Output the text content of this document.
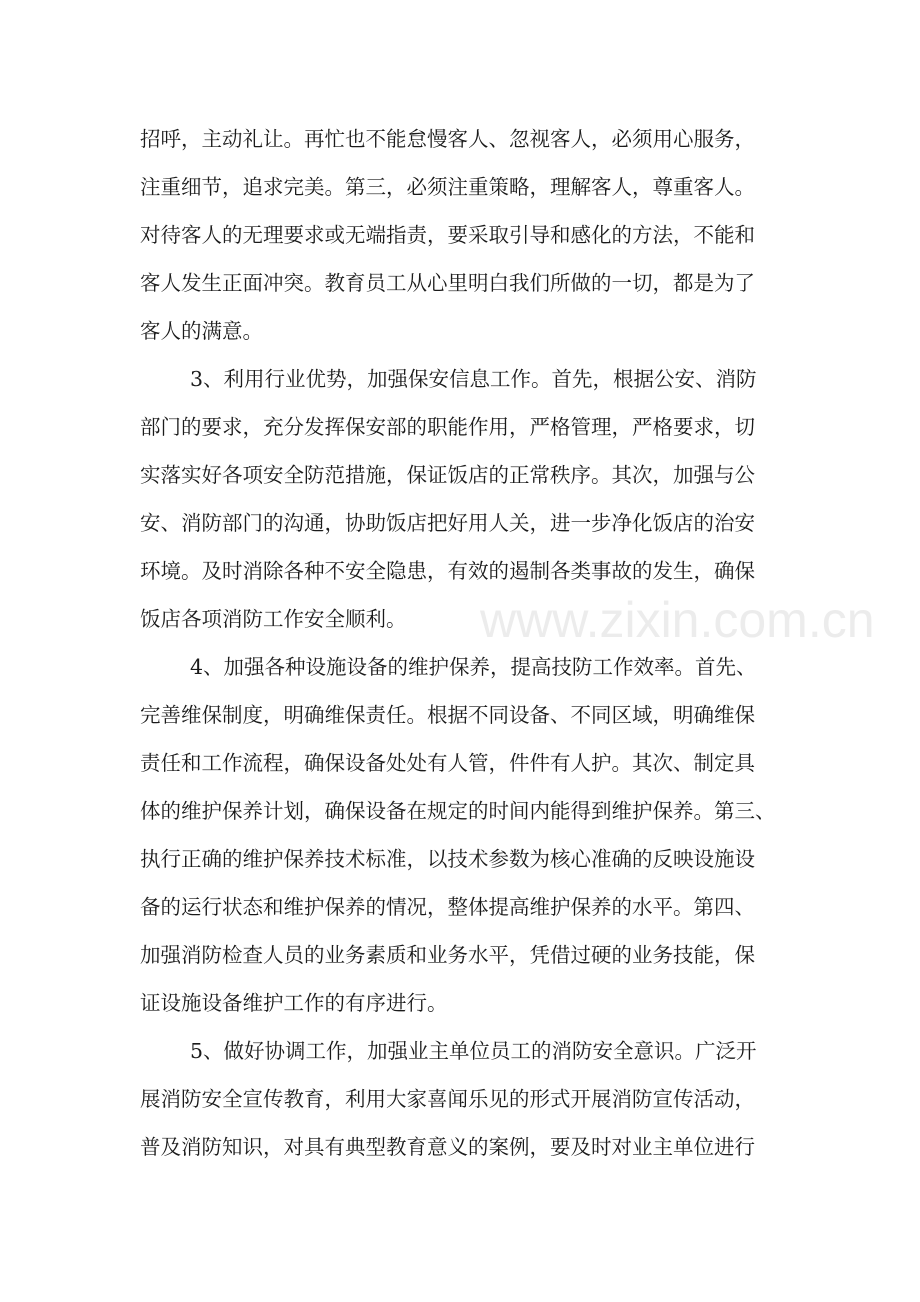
招呼，主动礼让。再忙也不能怠慢客人、忽视客人，必须用心服务，

注重细节，追求完美。第三，必须注重策略，理解客人，尊重客人。

对待客人的无理要求或无端指责，要采取引导和感化的方法，不能和

客人发生正面冲突。教育员工从心里明白我们所做的一切，都是为了

客人的满意。

3、利用行业优势，加强保安信息工作。首先，根据公安、消防

部门的要求，充分发挥保安部的职能作用，严格管理，严格要求，切

实落实好各项安全防范措施，保证饭店的正常秩序。其次，加强与公

安、消防部门的沟通，协助饭店把好用人关，进一步净化饭店的治安

环境。及时消除各种不安全隐患，有效的遏制各类事故的发生，确保

饭店各项消防工作安全顺利。

4、加强各种设施设备的维护保养，提高技防工作效率。首先、

完善维保制度，明确维保责任。根据不同设备、不同区域，明确维保

责任和工作流程，确保设备处处有人管，件件有人护。其次、制定具

体的维护保养计划，确保设备在规定的时间内能得到维护保养。第三、

执行正确的维护保养技术标准，以技术参数为核心准确的反映设施设

备的运行状态和维护保养的情况，整体提高维护保养的水平。第四、

加强消防检查人员的业务素质和业务水平，凭借过硬的业务技能，保

证设施设备维护工作的有序进行。

5、做好协调工作，加强业主单位员工的消防安全意识。广泛开

展消防安全宣传教育，利用大家喜闻乐见的形式开展消防宣传活动，

普及消防知识，对具有典型教育意义的案例，要及时对业主单位进行

www.zixin.com.cn
